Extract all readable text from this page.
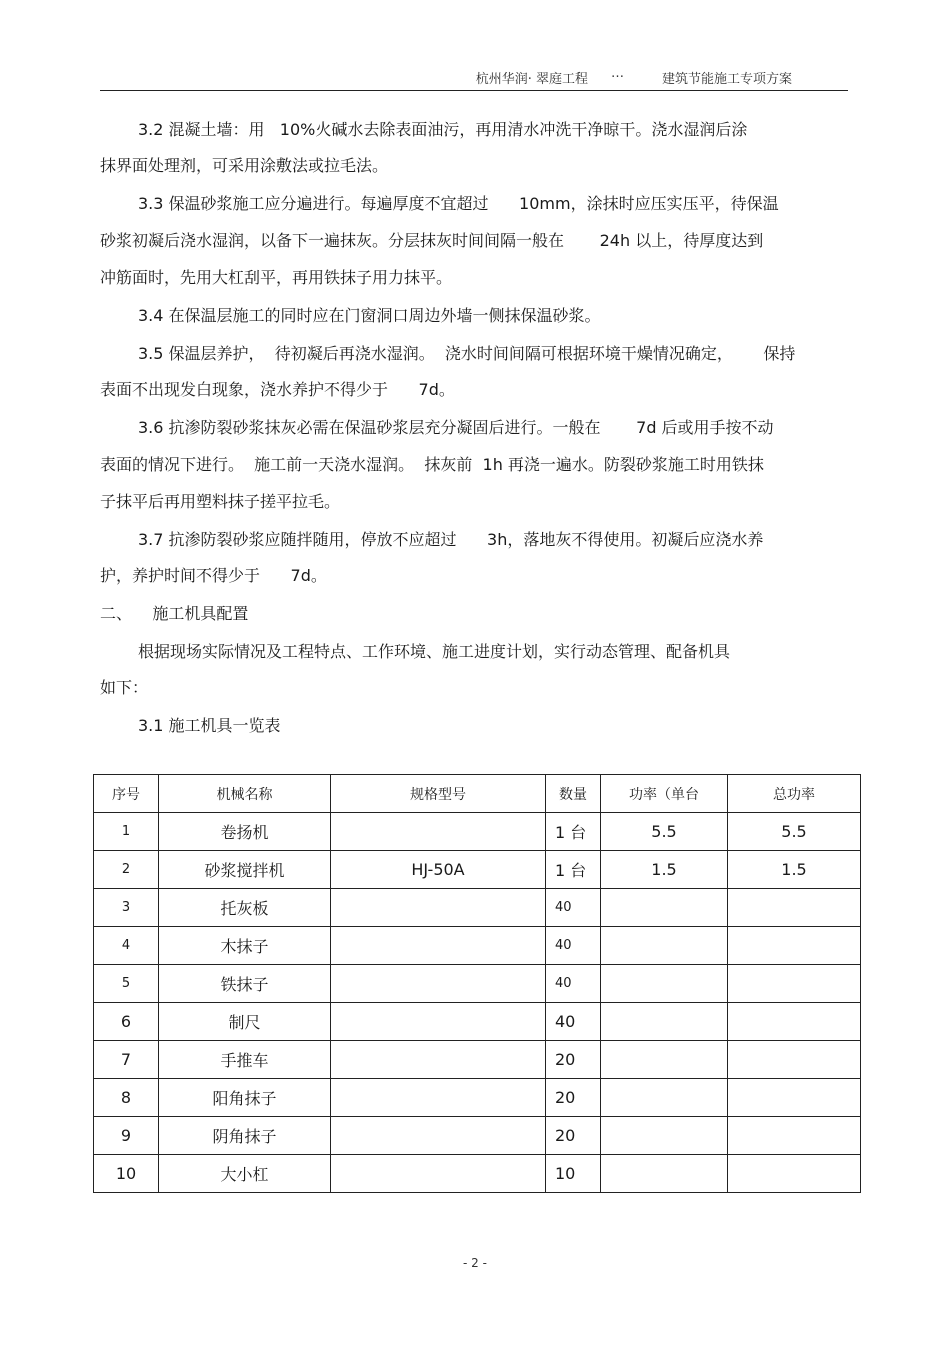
杭州华润· 翠庭工程 …	建筑节能施工专项方案
3.2 混凝土墙：用   10%火碱水去除表面油污，再用清水冲洗干净晾干。浇水湿润后涂
抹界面处理剂，可采用涂敷法或拉毛法。
3.3 保温砂浆施工应分遍进行。每遍厚度不宜超过      10mm，涂抹时应压实压平，待保温
砂浆初凝后浇水湿润，以备下一遍抹灰。分层抹灰时间间隔一般在       24h 以上，待厚度达到
冲筋面时，先用大杠刮平，再用铁抹子用力抹平。
3.4 在保温层施工的同时应在门窗洞口周边外墙一侧抹保温砂浆。
3.5 保温层养护，  待初凝后再浇水湿润。  浇水时间间隔可根据环境干燥情况确定，      保持
表面不出现发白现象，浇水养护不得少于      7d。
3.6 抗渗防裂砂浆抹灰必需在保温砂浆层充分凝固后进行。一般在       7d 后或用手按不动
表面的情况下进行。  施工前一天浇水湿润。  抹灰前  1h 再浇一遍水。防裂砂浆施工时用铁抹
子抹平后再用塑料抹子搓平拉毛。
3.7 抗渗防裂砂浆应随拌随用，停放不应超过      3h，落地灰不得使用。初凝后应浇水养
护，养护时间不得少于      7d。
二、    施工机具配置
根据现场实际情况及工程特点、工作环境、施工进度计划，实行动态管理、配备机具
如下：
3.1 施工机具一览表
序号	机械名称	规格型号	数量	功率（单台	总功率
1	卷扬机		1 台	5.5	5.5
2	砂浆搅拌机	HJ-50A	1 台	1.5	1.5
3	托灰板		40		
4	木抹子		40		
5	铁抹子		40		
6	制尺		40		
7	手推车		20		
8	阳角抹子		20		
9	阴角抹子		20		
10	大小杠		10		
- 2 -
